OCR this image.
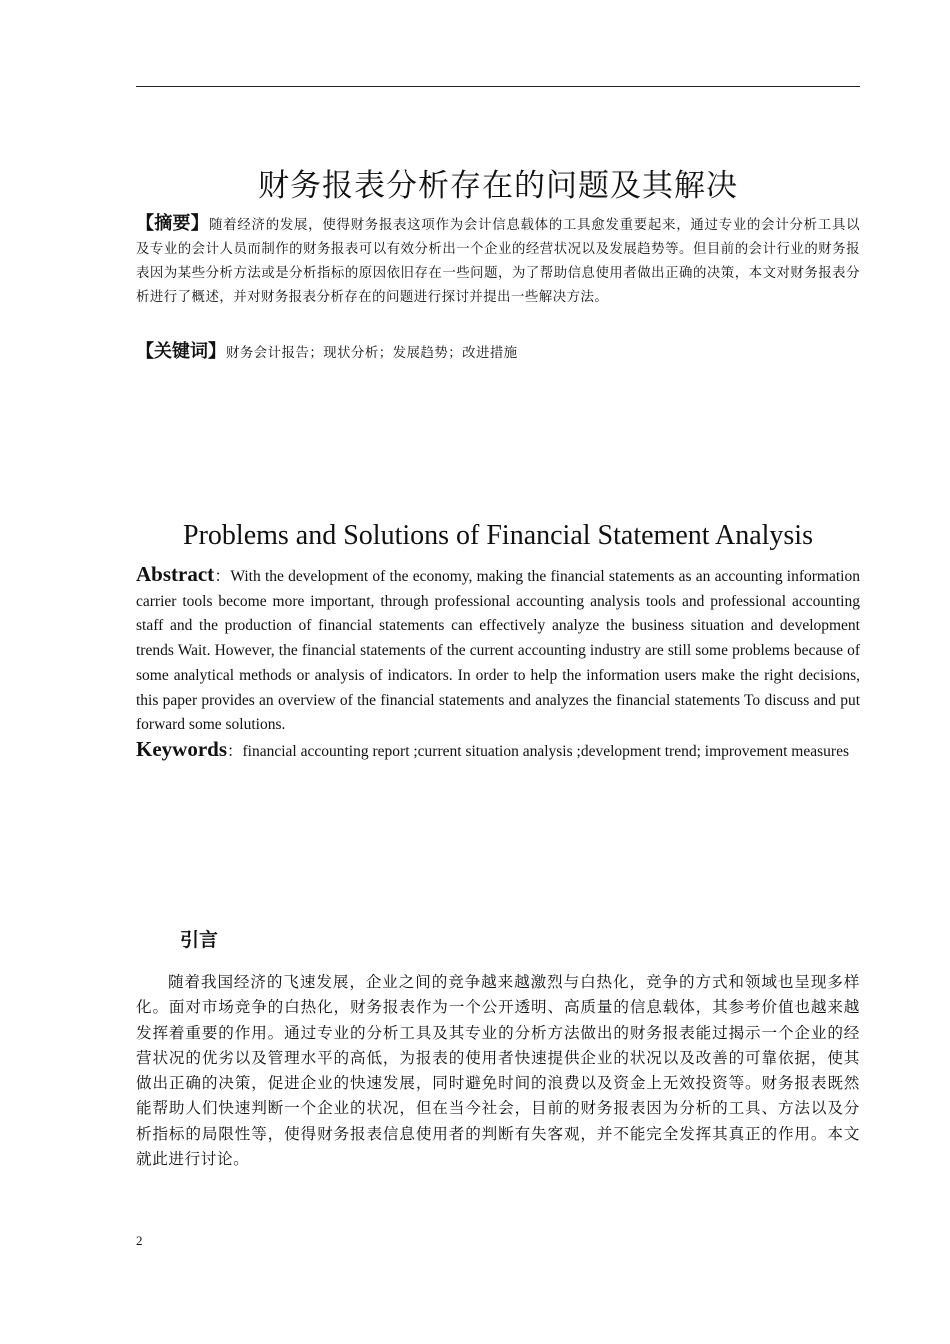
财务报表分析存在的问题及其解决
【摘要】随着经济的发展，使得财务报表这项作为会计信息载体的工具愈发重要起来，通过专业的会计分析工具以及专业的会计人员而制作的财务报表可以有效分析出一个企业的经营状况以及发展趋势等。但目前的会计行业的财务报表因为某些分析方法或是分析指标的原因依旧存在一些问题，为了帮助信息使用者做出正确的决策，本文对财务报表分析进行了概述，并对财务报表分析存在的问题进行探讨并提出一些解决方法。
【关键词】财务会计报告；现状分析；发展趋势；改进措施
Problems and Solutions of Financial Statement Analysis
Abstract：With the development of the economy, making the financial statements as an accounting information carrier tools become more important, through professional accounting analysis tools and professional accounting staff and the production of financial statements can effectively analyze the business situation and development trends Wait. However, the financial statements of the current accounting industry are still some problems because of some analytical methods or analysis of indicators. In order to help the information users make the right decisions, this paper provides an overview of the financial statements and analyzes the financial statements To discuss and put forward some solutions.
Keywords：financial accounting report ;current situation analysis ;development trend; improvement measures
引言
随着我国经济的飞速发展，企业之间的竞争越来越激烈与白热化，竞争的方式和领域也呈现多样化。面对市场竞争的白热化，财务报表作为一个公开透明、高质量的信息载体，其参考价值也越来越发挥着重要的作用。通过专业的分析工具及其专业的分析方法做出的财务报表能过揭示一个企业的经营状况的优劣以及管理水平的高低，为报表的使用者快速提供企业的状况以及改善的可靠依据，使其做出正确的决策，促进企业的快速发展，同时避免时间的浪费以及资金上无效投资等。财务报表既然能帮助人们快速判断一个企业的状况，但在当今社会，目前的财务报表因为分析的工具、方法以及分析指标的局限性等，使得财务报表信息使用者的判断有失客观，并不能完全发挥其真正的作用。本文就此进行讨论。
2
